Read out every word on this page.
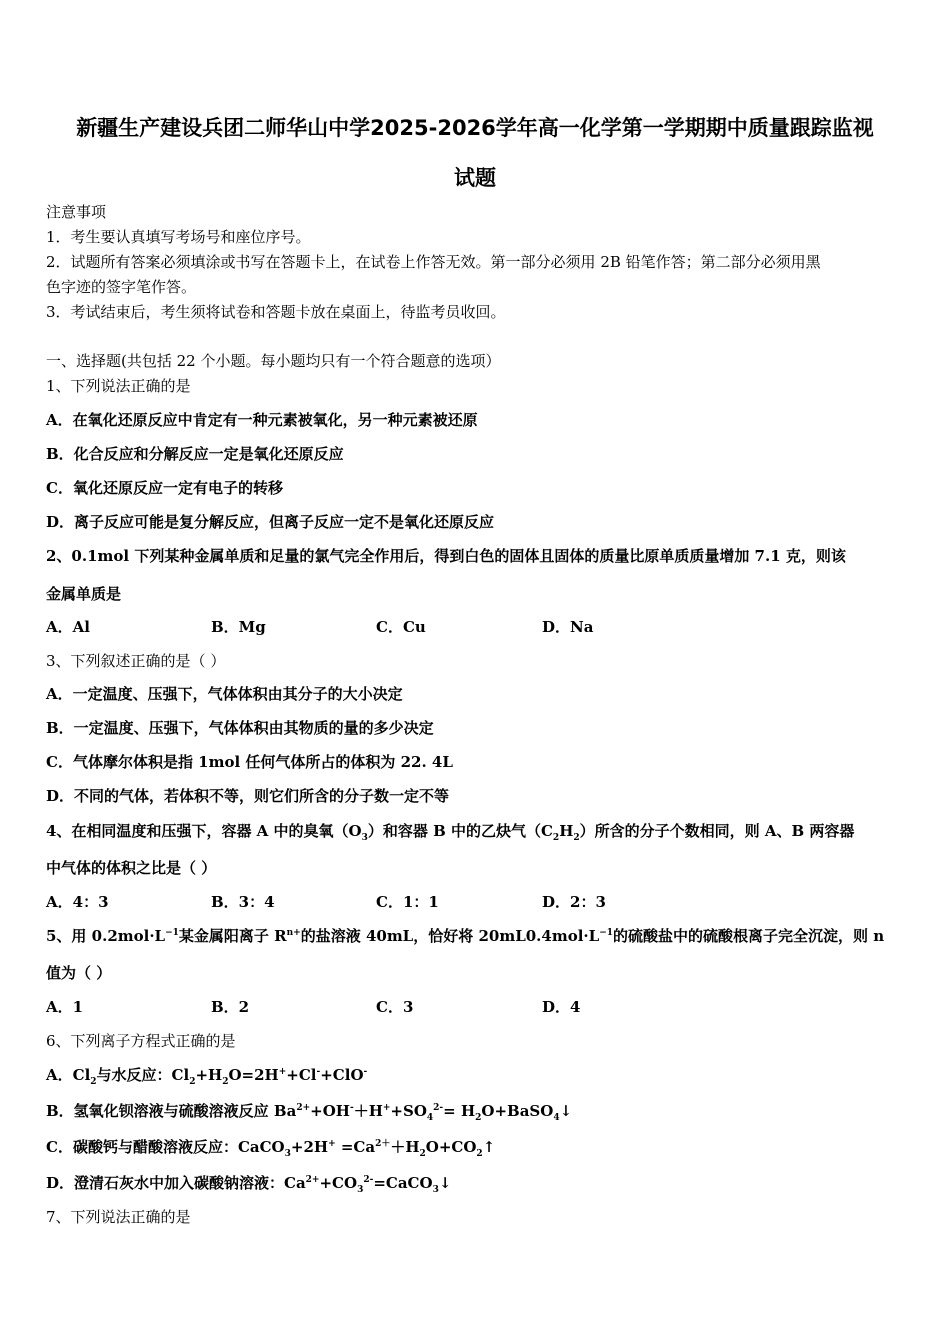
新疆生产建设兵团二师华山中学2025-2026学年高一化学第一学期期中质量跟踪监视
试题
注意事项
1．考生要认真填写考场号和座位序号。
2．试题所有答案必须填涂或书写在答题卡上，在试卷上作答无效。第一部分必须用 2B 铅笔作答；第二部分必须用黑
色字迹的签字笔作答。
3．考试结束后，考生须将试卷和答题卡放在桌面上，待监考员收回。
一、选择题(共包括 22 个小题。每小题均只有一个符合题意的选项）
1、下列说法正确的是
A．在氧化还原反应中肯定有一种元素被氧化，另一种元素被还原
B．化合反应和分解反应一定是氧化还原反应
C．氧化还原反应一定有电子的转移
D．离子反应可能是复分解反应，但离子反应一定不是氧化还原反应
2、0.1mol 下列某种金属单质和足量的氯气完全作用后，得到白色的固体且固体的质量比原单质质量增加 7.1 克，则该
金属单质是
A．Al	B．Mg	C．Cu	D．Na
3、下列叙述正确的是（ ）
A．一定温度、压强下，气体体积由其分子的大小决定
B．一定温度、压强下，气体体积由其物质的量的多少决定
C．气体摩尔体积是指 1mol 任何气体所占的体积为 22. 4L
D．不同的气体，若体积不等，则它们所含的分子数一定不等
4、在相同温度和压强下，容器 A 中的臭氧$(O_3)$和容器 B 中的乙炔气$(C_2H_2)$所含的分子个数相同，则 A、B 两容器
中气体的体积之比是（ ）
A．4：3	B．3：4	C．1：1	D．2：3
5、用 $0.2mol\cdot L^{-1}$某金属阳离子 $R^{n+}$的盐溶液 40mL，恰好将 $20mL0.4mol\cdot L^{-1}$的硫酸盐中的硫酸根离子完全沉淀，则 n
值为（ ）
A．1	B．2	C．3	D．4
6、下列离子方程式正确的是
A．$Cl_2$与水反应：$Cl_2+H_2O=2H^++Cl^-+ClO^-$
B．氢氧化钡溶液与硫酸溶液反应 $Ba^{2+}+OH^-+H^++SO_4^{2-}=$ $H_2O+BaSO_4↓$
C．碳酸钙与醋酸溶液反应：CaCO$_3$+2H+ $=Ca^{2+}+H_2O+CO_2↑$
D．澄清石灰水中加入碳酸钠溶液：$Ca^{2+}+CO_3^{2-}=CaCO_3↓$
7、下列说法正确的是
